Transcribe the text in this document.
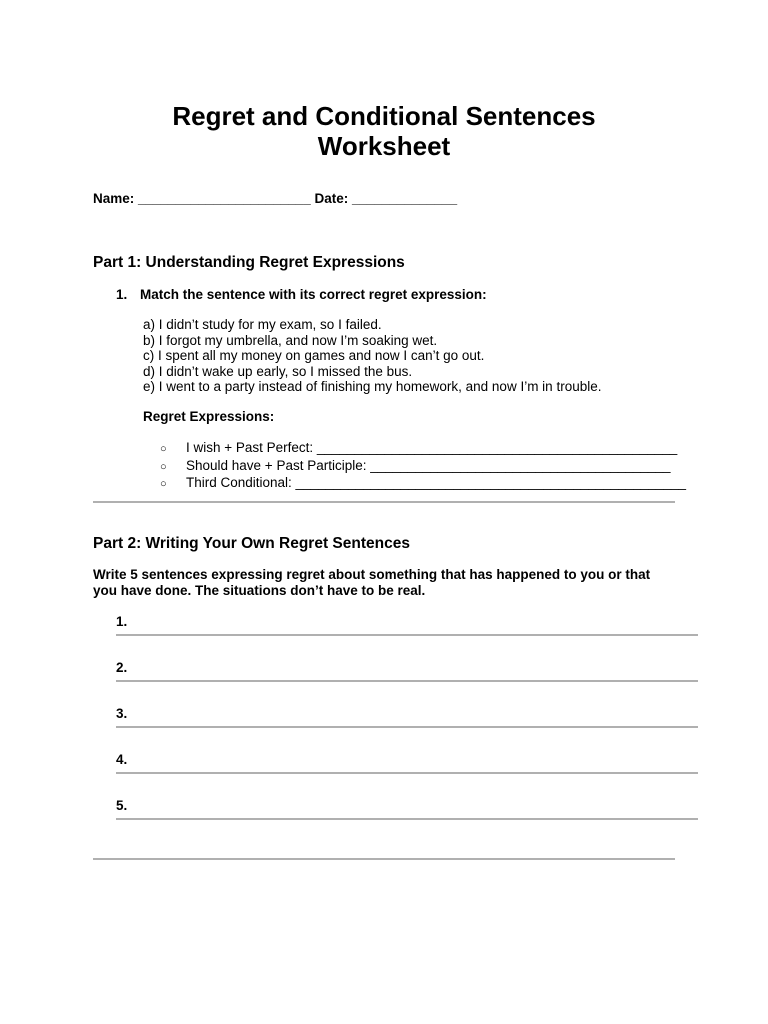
Regret and Conditional Sentences
Worksheet
Name: _______________________ Date: ______________
Part 1: Understanding Regret Expressions
1. Match the sentence with its correct regret expression:
a) I didn’t study for my exam, so I failed.
b) I forgot my umbrella, and now I’m soaking wet.
c) I spent all my money on games and now I can’t go out.
d) I didn’t wake up early, so I missed the bus.
e) I went to a party instead of finishing my homework, and now I’m in trouble.
Regret Expressions:
○ I wish + Past Perfect: ________________________________________________
○ Should have + Past Participle: ________________________________________
○ Third Conditional: ____________________________________________________
Part 2: Writing Your Own Regret Sentences
Write 5 sentences expressing regret about something that has happened to you or that you have done. The situations don’t have to be real.
1.
2.
3.
4.
5.
